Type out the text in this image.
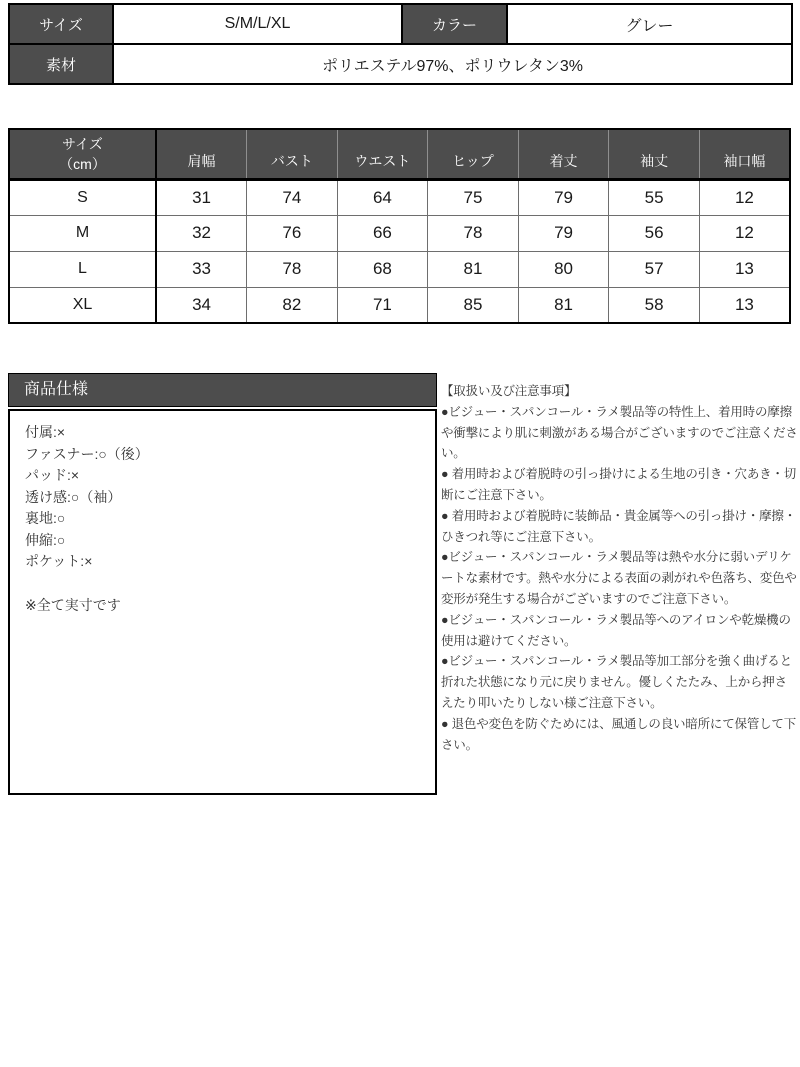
サイズ	S/M/L/XL	カラー	グレー
素材	ポリエステル97%、ポリウレタン3%		
サイズ
（cm）	肩幅	バスト	ウエスト	ヒップ	着丈	袖丈	袖口幅
S	31	74	64	75	79	55	12
M	32	76	66	78	79	56	12
L	33	78	68	81	80	57	13
XL	34	82	71	85	81	58	13
商品仕様

付属:×

ファスナー:○（後）

パッド:×

透け感:○（袖）

裏地:○

伸縮:○

ポケット:×

※全て実寸です

【取扱い及び注意事項】

●ビジュー・スパンコール・ラメ製品等の特性上、着用時の摩擦や衝撃により肌に刺激がある場合がございますのでご注意ください。

● 着用時および着脱時の引っ掛けによる生地の引き・穴あき・切断にご注意下さい。

● 着用時および着脱時に装飾品・貴金属等への引っ掛け・摩擦・ひきつれ等にご注意下さい。

●ビジュー・スパンコール・ラメ製品等は熱や水分に弱いデリケートな素材です。熱や水分による表面の剥がれや色落ち、変色や変形が発生する場合がございますのでご注意下さい。

●ビジュー・スパンコール・ラメ製品等へのアイロンや乾燥機の使用は避けてください。

●ビジュー・スパンコール・ラメ製品等加工部分を強く曲げると折れた状態になり元に戻りません。優しくたたみ、上から押さえたり叩いたりしない様ご注意下さい。

● 退色や変色を防ぐためには、風通しの良い暗所にて保管して下さい。
